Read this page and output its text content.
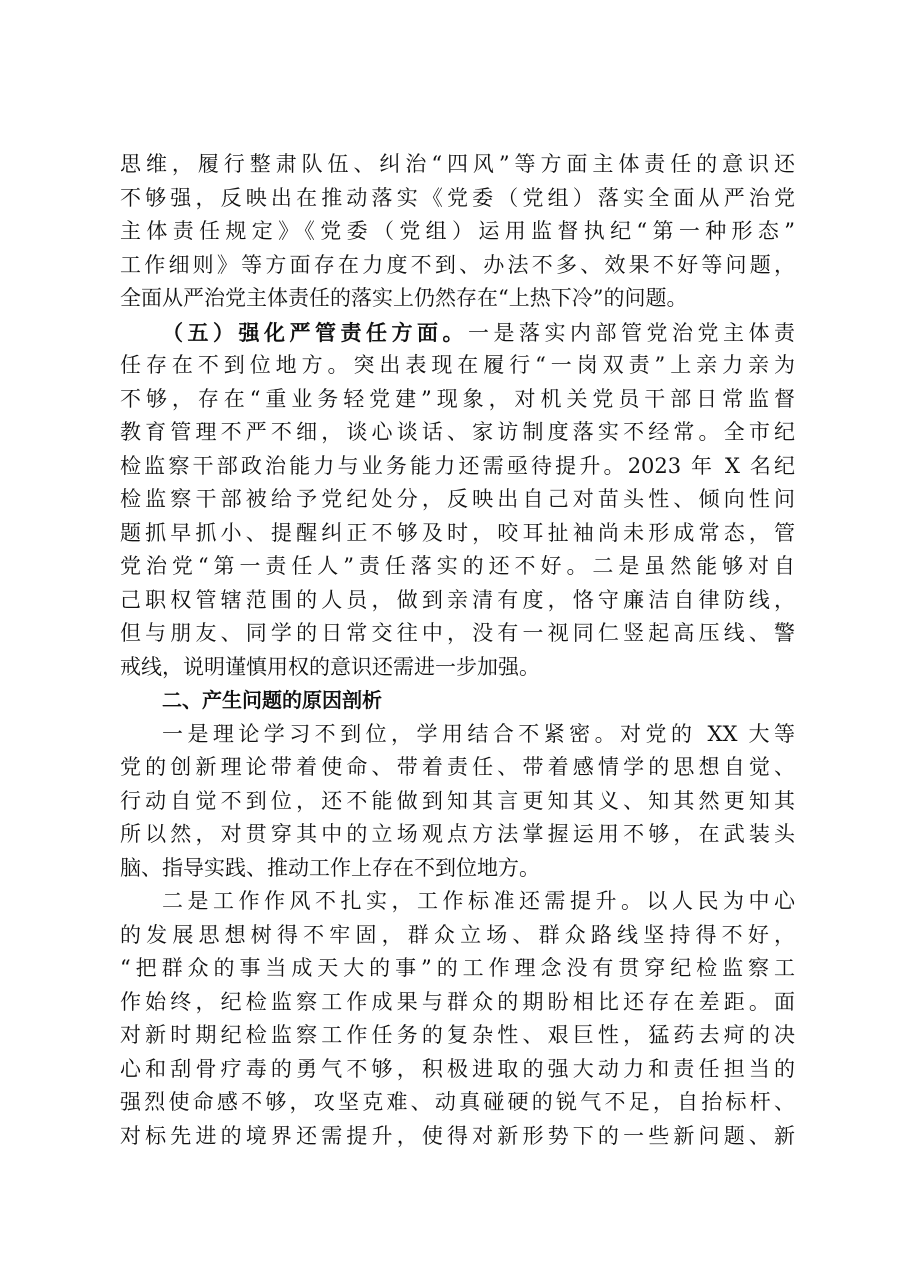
思维，履行整肃队伍、纠治“四风”等方面主体责任的意识还
不够强，反映出在推动落实《党委（党组）落实全面从严治党
主体责任规定》《党委（党组）运用监督执纪“第一种形态”
工作细则》等方面存在力度不到、办法不多、效果不好等问题，
全面从严治党主体责任的落实上仍然存在“上热下冷”的问题。
（五）强化严管责任方面。一是落实内部管党治党主体责
任存在不到位地方。突出表现在履行“一岗双责”上亲力亲为
不够，存在“重业务轻党建”现象，对机关党员干部日常监督
教育管理不严不细，谈心谈话、家访制度落实不经常。全市纪
检监察干部政治能力与业务能力还需亟待提升。2023 年 X 名纪
检监察干部被给予党纪处分，反映出自己对苗头性、倾向性问
题抓早抓小、提醒纠正不够及时，咬耳扯袖尚未形成常态，管
党治党“第一责任人”责任落实的还不好。二是虽然能够对自
己职权管辖范围的人员，做到亲清有度，恪守廉洁自律防线，
但与朋友、同学的日常交往中，没有一视同仁竖起高压线、警
戒线，说明谨慎用权的意识还需进一步加强。
二、产生问题的原因剖析
一是理论学习不到位，学用结合不紧密。对党的 XX 大等
党的创新理论带着使命、带着责任、带着感情学的思想自觉、
行动自觉不到位，还不能做到知其言更知其义、知其然更知其
所以然，对贯穿其中的立场观点方法掌握运用不够，在武装头
脑、指导实践、推动工作上存在不到位地方。
二是工作作风不扎实，工作标准还需提升。以人民为中心
的发展思想树得不牢固，群众立场、群众路线坚持得不好，
“把群众的事当成天大的事”的工作理念没有贯穿纪检监察工
作始终，纪检监察工作成果与群众的期盼相比还存在差距。面
对新时期纪检监察工作任务的复杂性、艰巨性，猛药去疴的决
心和刮骨疗毒的勇气不够，积极进取的强大动力和责任担当的
强烈使命感不够，攻坚克难、动真碰硬的锐气不足，自抬标杆、
对标先进的境界还需提升，使得对新形势下的一些新问题、新
